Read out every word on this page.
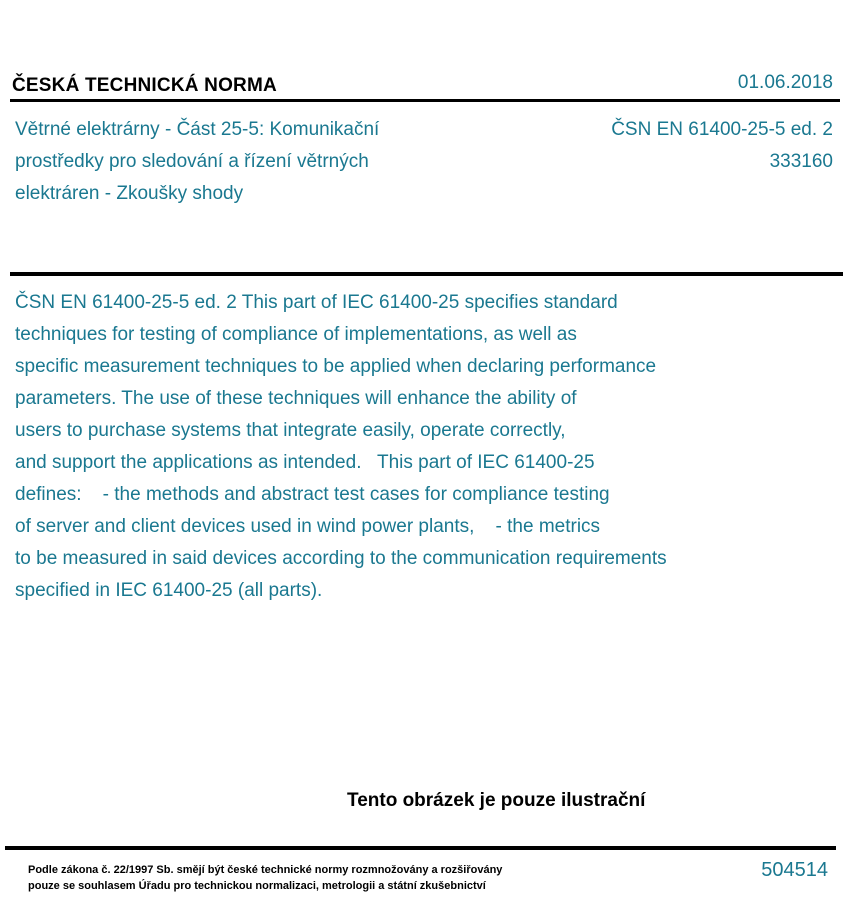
ČESKÁ TECHNICKÁ NORMA	01.06.2018
Větrné elektrárny - Část 25-5: Komunikační
prostředky pro sledování a řízení větrných
elektráren - Zkoušky shody
ČSN EN 61400-25-5 ed. 2
333160
ČSN EN 61400-25-5 ed. 2 This part of IEC 61400-25 specifies standard
techniques for testing of compliance of implementations, as well as
specific measurement techniques to be applied when declaring performance
parameters. The use of these techniques will enhance the ability of
users to purchase systems that integrate easily, operate correctly,
and support the applications as intended.   This part of IEC 61400-25
defines:    - the methods and abstract test cases for compliance testing
of server and client devices used in wind power plants,    - the metrics
to be measured in said devices according to the communication requirements
specified in IEC 61400-25 (all parts).
Tento obrázek je pouze ilustrační
Podle zákona č. 22/1997 Sb. smějí být české technické normy rozmnožovány a rozšiřovány
pouze se souhlasem Úřadu pro technickou normalizaci, metrologii a státní zkušebnictví
504514
